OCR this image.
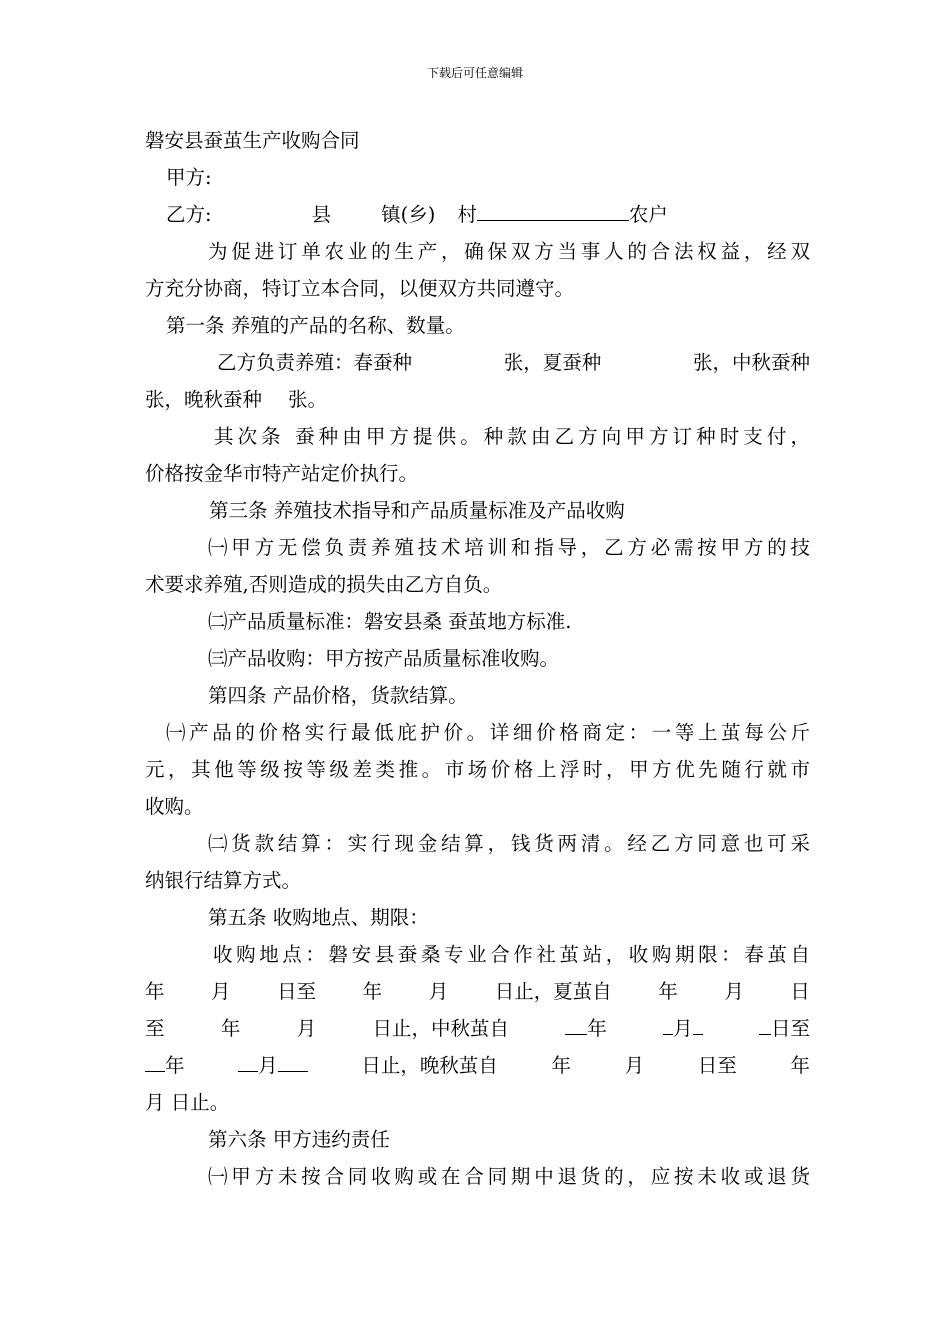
下载后可任意编辑
磐安县蚕茧生产收购合同
甲方:
乙方:	县	镇(乡) 村	农户
为促进订单农业的生产，确保双方当事人的合法权益，经双
方充分协商，特订立本合同，以便双方共同遵守。
第一条 养殖的产品的名称、数量。
乙方负责养殖：春蚕种	张，夏蚕种	张，中秋蚕种
张，晚秋蚕种 张。
其次条 蚕种由甲方提供。种款由乙方向甲方订种时支付，
价格按金华市特产站定价执行。
第三条 养殖技术指导和产品质量标准及产品收购
㈠甲方无偿负责养殖技术培训和指导，乙方必需按甲方的技
术要求养殖,否则造成的损失由乙方自负。
㈡产品质量标准：磐安县桑 蚕茧地方标准.
㈢产品收购：甲方按产品质量标准收购。
第四条 产品价格，货款结算。
㈠产品的价格实行最低庇护价。详细价格商定：一等上茧每公斤
元，其他等级按等级差类推。市场价格上浮时，甲方优先随行就市
收购。
㈡货款结算：实行现金结算，钱货两清。经乙方同意也可采
纳银行结算方式。
第五条 收购地点、期限：
收购地点：磐安县蚕桑专业合作社茧站，收购期限：春茧自
年 月 日至 年 月 日止，夏茧自 年 月 日
至	年	月	日止，中秋茧自	年	月	日至
年	月	日止，晚秋茧自	年	月	日至	年
月 日止。
第六条 甲方违约责任
㈠甲方未按合同收购或在合同期中退货的，应按未收或退货
